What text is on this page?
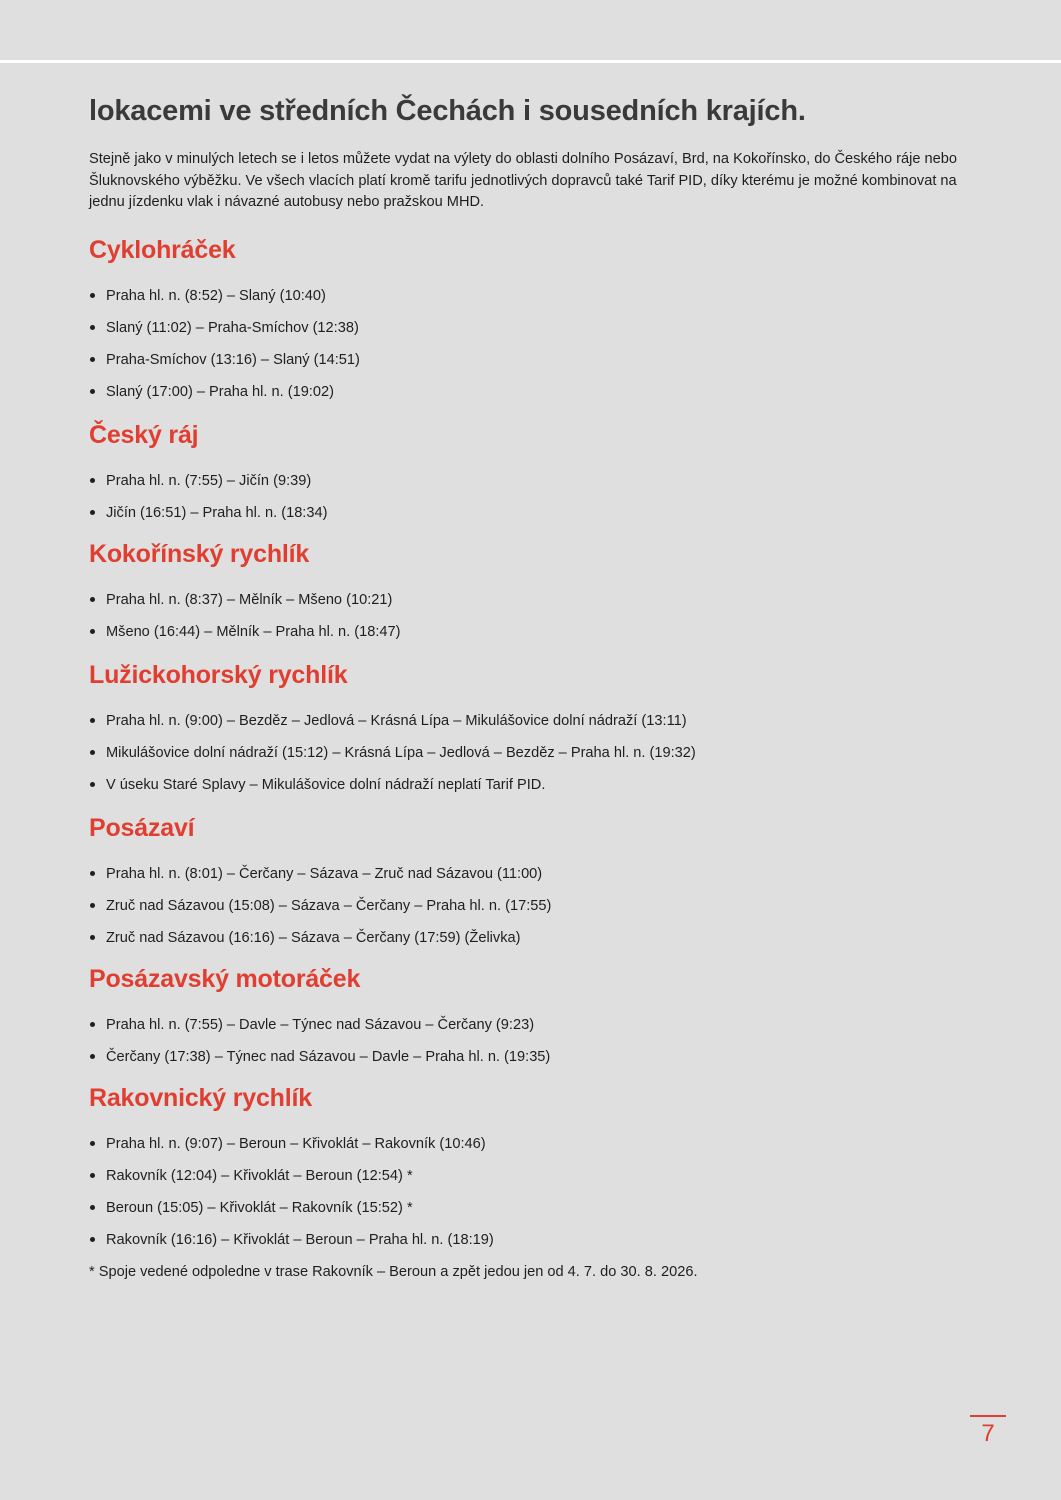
lokacemi ve středních Čechách i sousedních krajích.

Stejně jako v minulých letech se i letos můžete vydat na výlety do oblasti dolního Posázaví, Brd, na Kokořínsko, do Českého ráje nebo Šluknovského výběžku. Ve všech vlacích platí kromě tarifu jednotlivých dopravců také Tarif PID, díky kterému je možné kombinovat na jednu jízdenku vlak i návazné autobusy nebo pražskou MHD.

Cyklohráček
Praha hl. n. (8:52) – Slaný (10:40)
Slaný (11:02) – Praha-Smíchov (12:38)
Praha-Smíchov (13:16) – Slaný (14:51)
Slaný (17:00) – Praha hl. n. (19:02)
Český ráj
Praha hl. n. (7:55) – Jičín (9:39)
Jičín (16:51) – Praha hl. n. (18:34)
Kokořínský rychlík
Praha hl. n. (8:37) – Mělník – Mšeno (10:21)
Mšeno (16:44) – Mělník – Praha hl. n. (18:47)
Lužickohorský rychlík
Praha hl. n. (9:00) – Bezděz – Jedlová – Krásná Lípa – Mikulášovice dolní nádraží (13:11)
Mikulášovice dolní nádraží (15:12) – Krásná Lípa – Jedlová – Bezděz – Praha hl. n. (19:32)
V úseku Staré Splavy – Mikulášovice dolní nádraží neplatí Tarif PID.
Posázaví
Praha hl. n. (8:01) – Čerčany – Sázava – Zruč nad Sázavou (11:00)
Zruč nad Sázavou (15:08) – Sázava – Čerčany – Praha hl. n. (17:55)
Zruč nad Sázavou (16:16) – Sázava – Čerčany (17:59) (Želivka)
Posázavský motoráček
Praha hl. n. (7:55) – Davle – Týnec nad Sázavou – Čerčany (9:23)
Čerčany (17:38) – Týnec nad Sázavou – Davle – Praha hl. n. (19:35)
Rakovnický rychlík
Praha hl. n. (9:07) – Beroun – Křivoklát – Rakovník (10:46)
Rakovník (12:04) – Křivoklát – Beroun (12:54) *
Beroun (15:05) – Křivoklát – Rakovník (15:52) *
Rakovník (16:16) – Křivoklát – Beroun – Praha hl. n. (18:19)

* Spoje vedené odpoledne v trase Rakovník – Beroun a zpět jedou jen od 4. 7. do 30. 8. 2026.

7
